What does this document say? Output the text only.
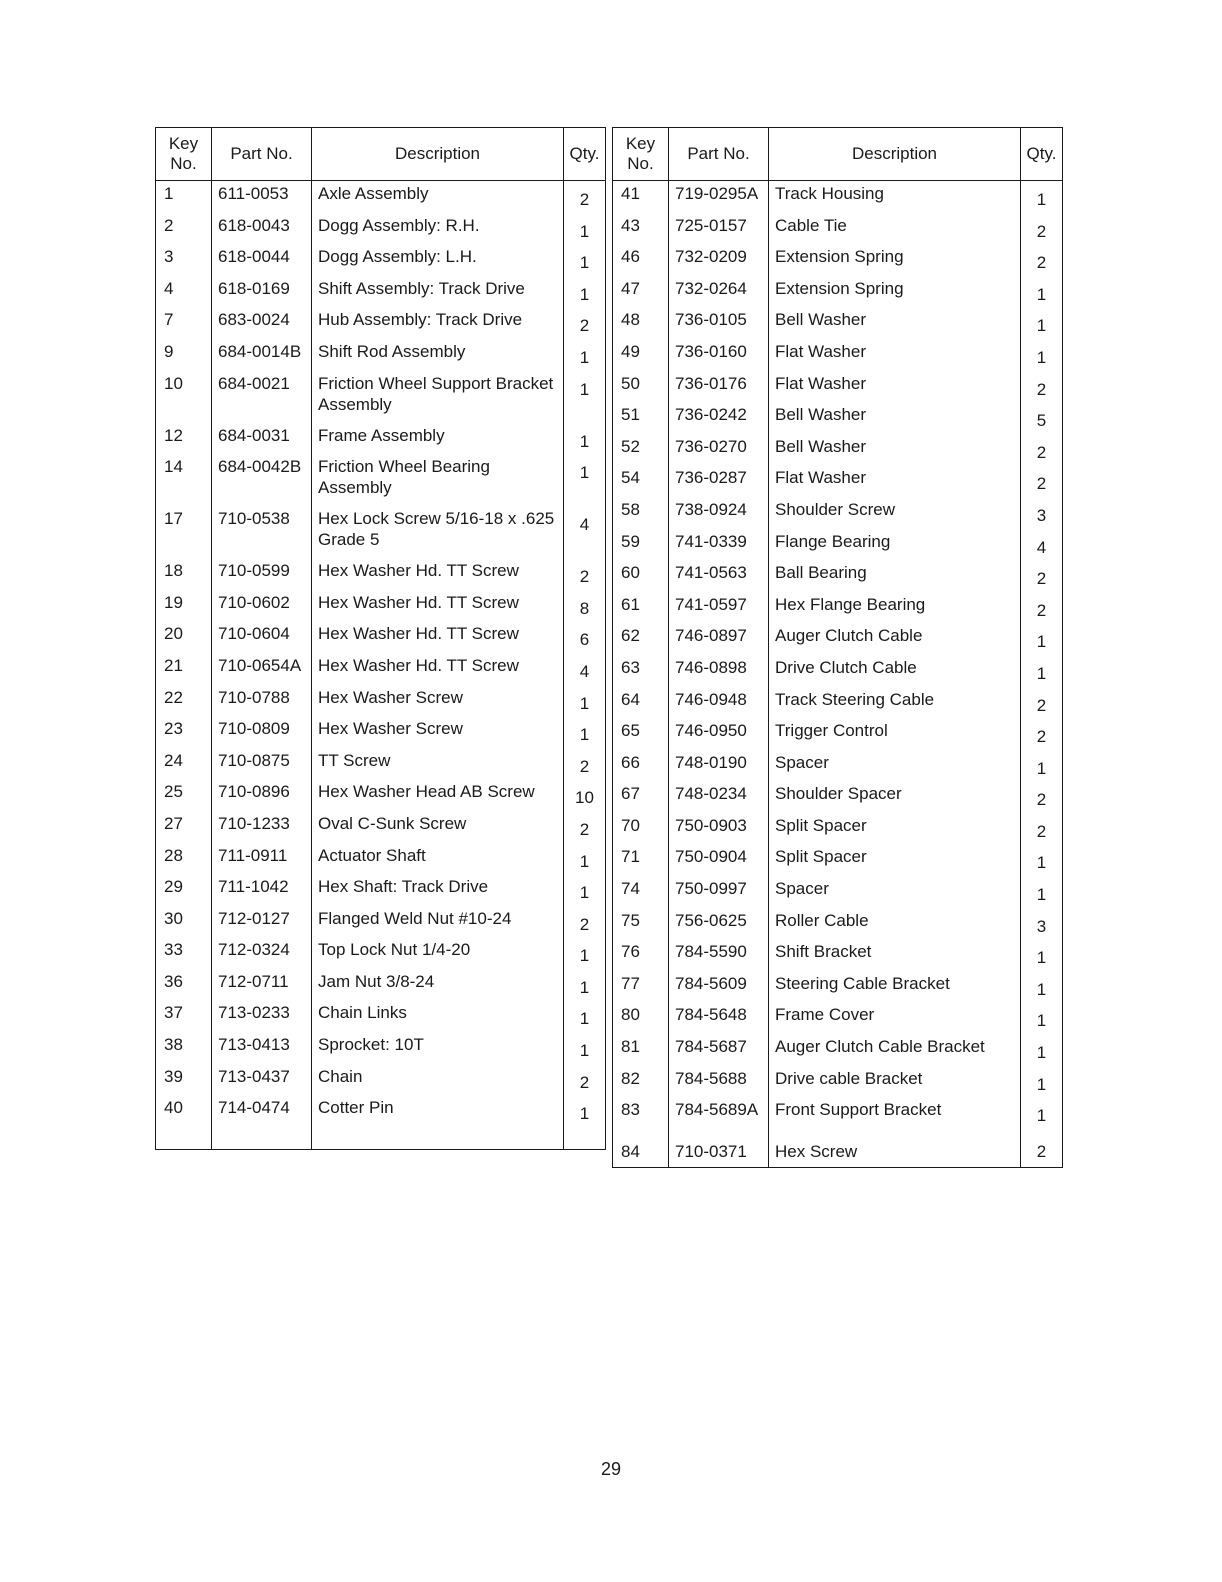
Key No.	Part No.	Description	Qty.
1	611-0053	Axle Assembly	2
2	618-0043	Dogg Assembly: R.H.	1
3	618-0044	Dogg Assembly: L.H.	1
4	618-0169	Shift Assembly: Track Drive	1
7	683-0024	Hub Assembly: Track Drive	2
9	684-0014B	Shift Rod Assembly	1
10	684-0021	Friction Wheel Support Bracket Assembly	1
12	684-0031	Frame Assembly	1
14	684-0042B	Friction Wheel Bearing Assembly	1
17	710-0538	Hex Lock Screw 5/16-18 x .625 Grade 5	4
18	710-0599	Hex Washer Hd. TT Screw	2
19	710-0602	Hex Washer Hd. TT Screw	8
20	710-0604	Hex Washer Hd. TT Screw	6
21	710-0654A	Hex Washer Hd. TT Screw	4
22	710-0788	Hex Washer Screw	1
23	710-0809	Hex Washer Screw	1
24	710-0875	TT Screw	2
25	710-0896	Hex Washer Head AB Screw	10
27	710-1233	Oval C-Sunk Screw	2
28	711-0911	Actuator Shaft	1
29	711-1042	Hex Shaft: Track Drive	1
30	712-0127	Flanged Weld Nut #10-24	2
33	712-0324	Top Lock Nut 1/4-20	1
36	712-0711	Jam Nut 3/8-24	1
37	713-0233	Chain Links	1
38	713-0413	Sprocket: 10T	1
39	713-0437	Chain	2
40	714-0474	Cotter Pin	1

Key No.	Part No.	Description	Qty.
41	719-0295A	Track Housing	1
43	725-0157	Cable Tie	2
46	732-0209	Extension Spring	2
47	732-0264	Extension Spring	1
48	736-0105	Bell Washer	1
49	736-0160	Flat Washer	1
50	736-0176	Flat Washer	2
51	736-0242	Bell Washer	5
52	736-0270	Bell Washer	2
54	736-0287	Flat Washer	2
58	738-0924	Shoulder Screw	3
59	741-0339	Flange Bearing	4
60	741-0563	Ball Bearing	2
61	741-0597	Hex Flange Bearing	2
62	746-0897	Auger Clutch Cable	1
63	746-0898	Drive Clutch Cable	1
64	746-0948	Track Steering Cable	2
65	746-0950	Trigger Control	2
66	748-0190	Spacer	1
67	748-0234	Shoulder Spacer	2
70	750-0903	Split Spacer	2
71	750-0904	Split Spacer	1
74	750-0997	Spacer	1
75	756-0625	Roller Cable	3
76	784-5590	Shift Bracket	1
77	784-5609	Steering Cable Bracket	1
80	784-5648	Frame Cover	1
81	784-5687	Auger Clutch Cable Bracket	1
82	784-5688	Drive cable Bracket	1
83	784-5689A	Front Support Bracket	1
84	710-0371	Hex Screw	2
29
